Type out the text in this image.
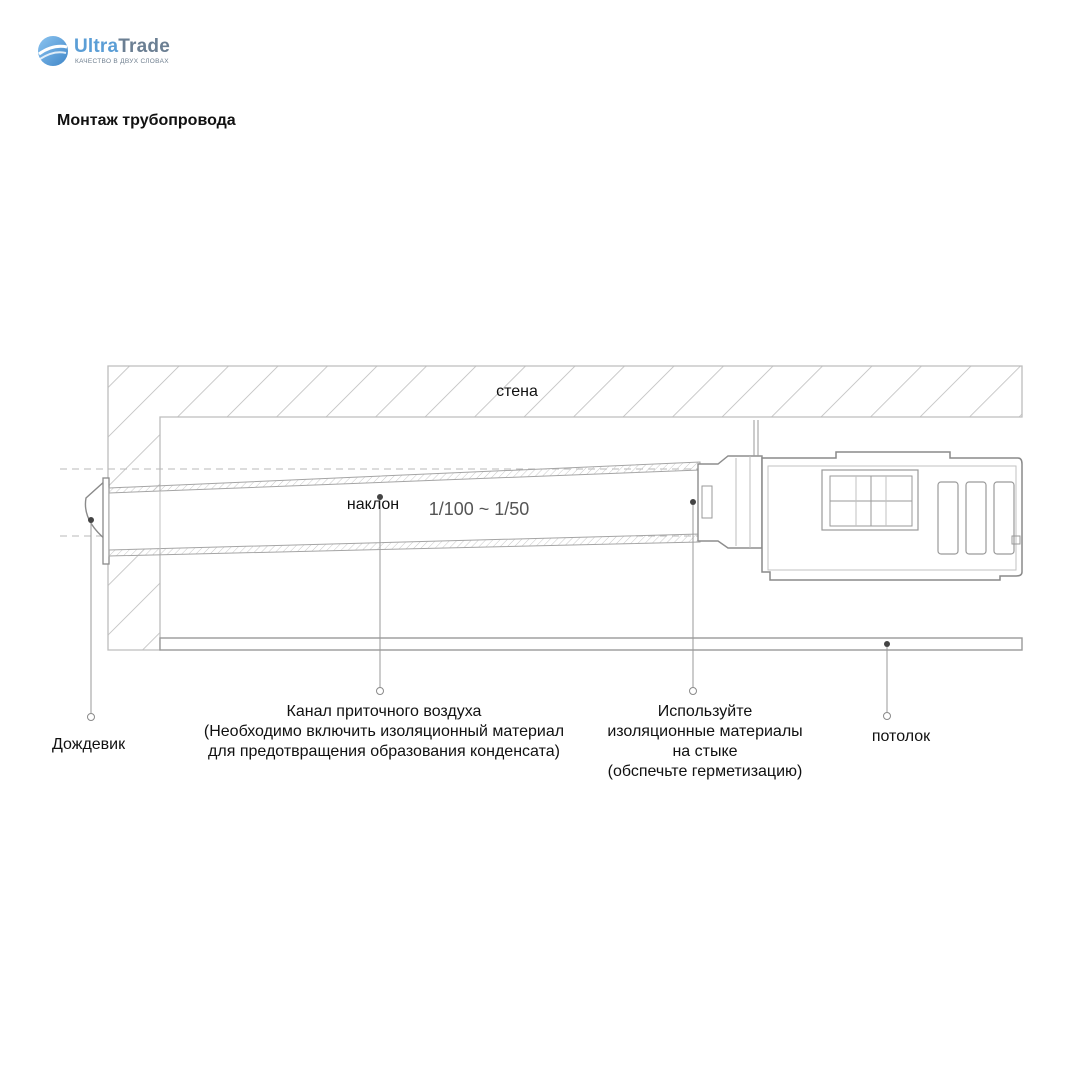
UltraTrade
КАЧЕСТВО В ДВУХ СЛОВАХ
Монтаж трубопровода
стена
наклон 1/100 ~ 1/50
Дождевик
Канал приточного воздуха
(Необходимо включить изоляционный материал
для предотвращения образования конденсата)
Используйте
изоляционные материалы
на стыке
(обспечьте герметизацию)
потолок
